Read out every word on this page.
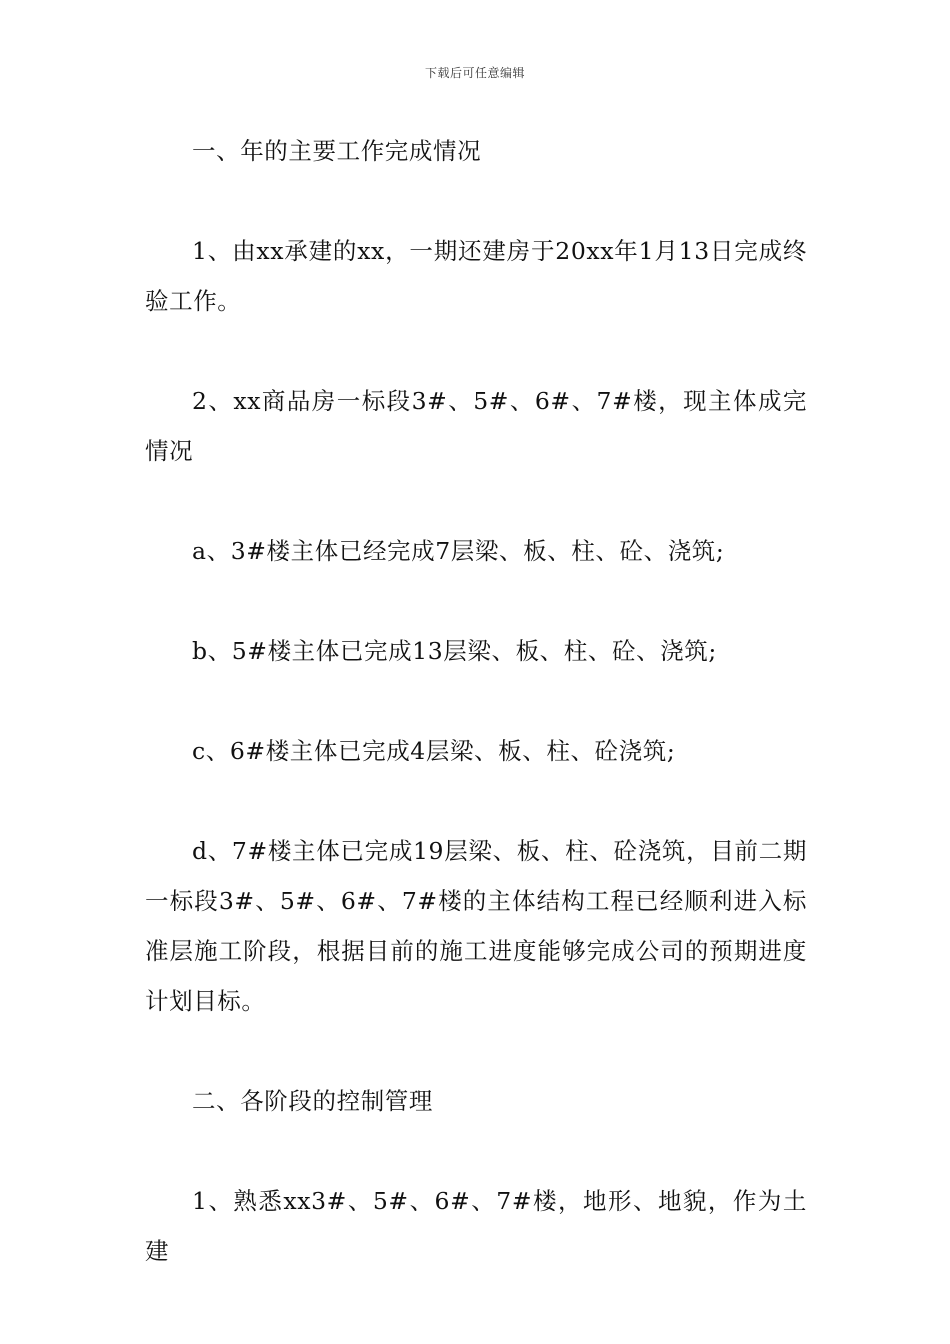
下载后可任意编辑

一、年的主要工作完成情况

1、由xx承建的xx，一期还建房于20xx年1月13日完成终验工作。

2、xx商品房一标段3#、5#、6#、7#楼，现主体成完情况

a、3#楼主体已经完成7层梁、板、柱、砼、浇筑;

b、5#楼主体已完成13层梁、板、柱、砼、浇筑;

c、6#楼主体已完成4层梁、板、柱、砼浇筑;

d、7#楼主体已完成19层梁、板、柱、砼浇筑，目前二期一标段3#、5#、6#、7#楼的主体结构工程已经顺利进入标准层施工阶段，根据目前的施工进度能够完成公司的预期进度计划目标。

二、各阶段的控制管理

1、熟悉xx3#、5#、6#、7#楼，地形、地貌，作为土建
